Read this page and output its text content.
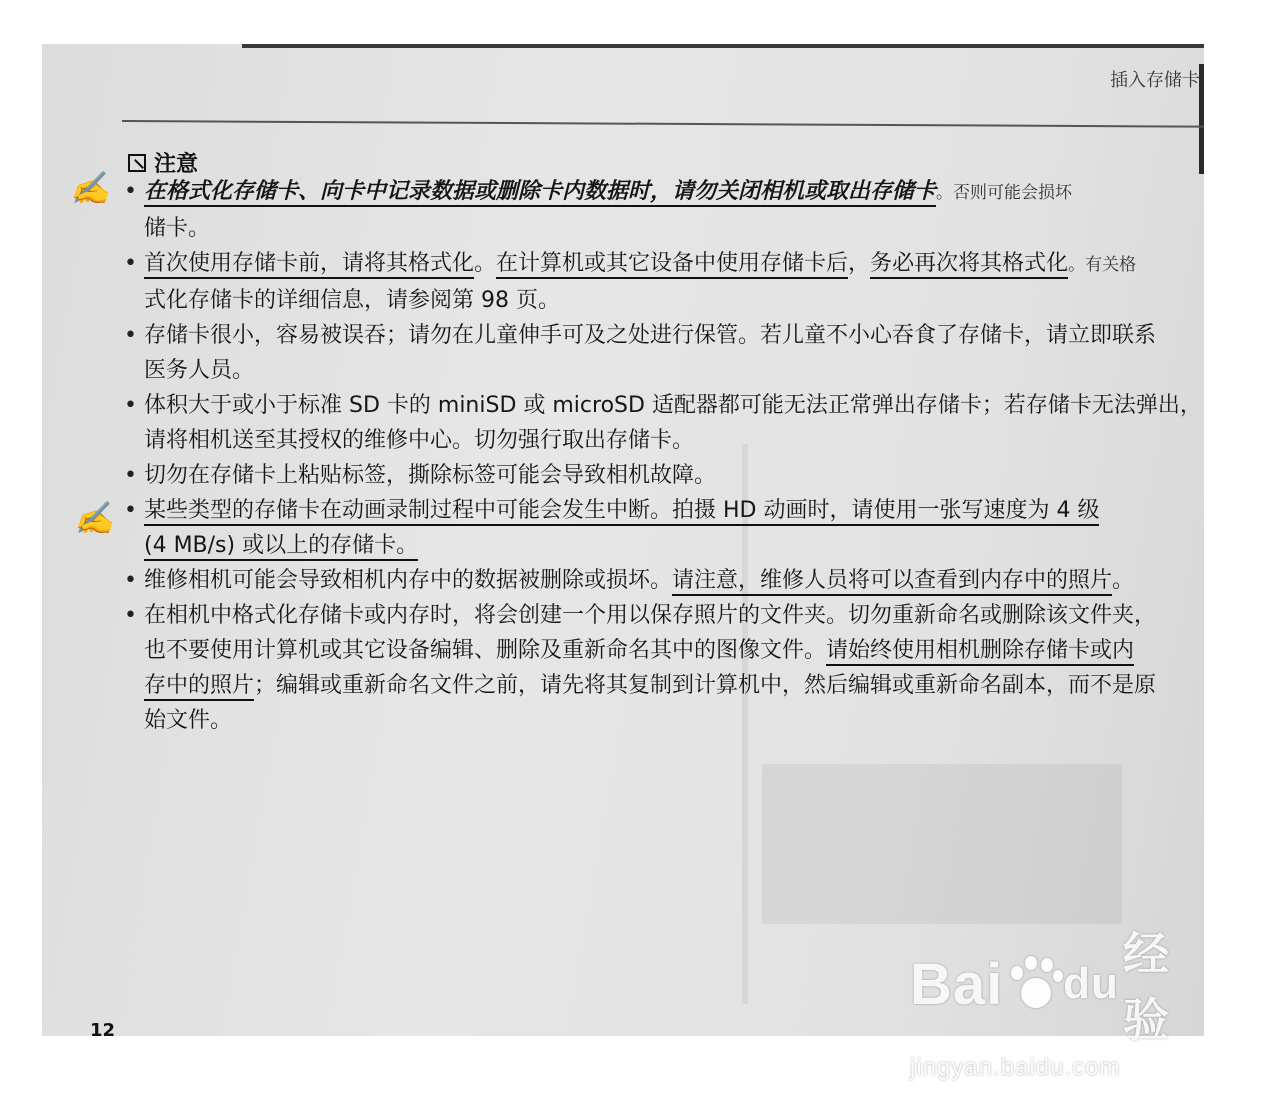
插入存储卡
注意
✍
✍
• 在格式化存储卡、向卡中记录数据或删除卡内数据时，请勿关闭相机或取出存储卡。否则可能会损坏
储卡。
• 首次使用存储卡前，请将其格式化。在计算机或其它设备中使用存储卡后，务必再次将其格式化。有关格
式化存储卡的详细信息，请参阅第 98 页。
• 存储卡很小，容易被误吞；请勿在儿童伸手可及之处进行保管。若儿童不小心吞食了存储卡，请立即联系
医务人员。
• 体积大于或小于标准 SD 卡的 miniSD 或 microSD 适配器都可能无法正常弹出存储卡；若存储卡无法弹出，
请将相机送至其授权的维修中心。切勿强行取出存储卡。
• 切勿在存储卡上粘贴标签，撕除标签可能会导致相机故障。
• 某些类型的存储卡在动画录制过程中可能会发生中断。拍摄 HD 动画时，请使用一张写速度为 4 级
(4 MB/s) 或以上的存储卡。
• 维修相机可能会导致相机内存中的数据被删除或损坏。请注意，维修人员将可以查看到内存中的照片。
• 在相机中格式化存储卡或内存时，将会创建一个用以保存照片的文件夹。切勿重新命名或删除该文件夹，
也不要使用计算机或其它设备编辑、删除及重新命名其中的图像文件。请始终使用相机删除存储卡或内
存中的照片；编辑或重新命名文件之前，请先将其复制到计算机中，然后编辑或重新命名副本，而不是原
始文件。
12
Bai du
经验
jingyan.baidu.com
